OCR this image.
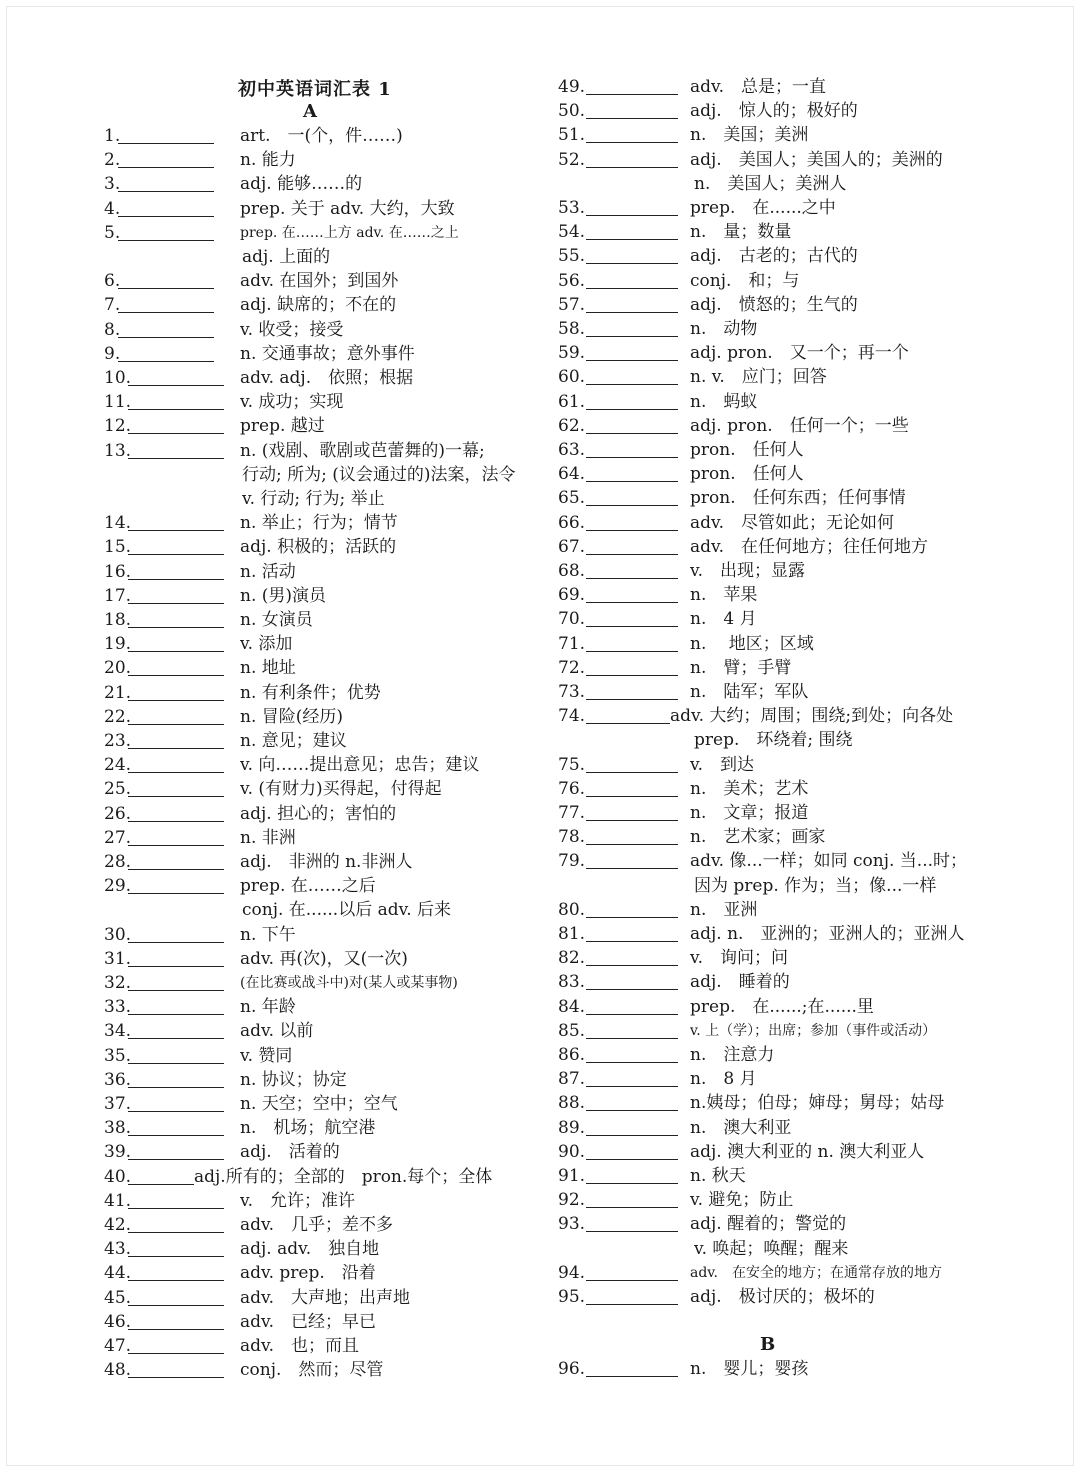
初中英语词汇表 1
A
B
1.	art.　一(个，件……)
2.	n. 能力
3.	adj. 能够……的
4.	prep. 关于 adv. 大约，大致
5.	prep. 在……上方 adv. 在……之上
adj. 上面的
6.	adv. 在国外；到国外
7.	adj. 缺席的；不在的
8.	v. 收受；接受
9.	n. 交通事故；意外事件
10.	adv. adj.　依照；根据
11.	v. 成功；实现
12.	prep. 越过
13.	n. (戏剧、歌剧或芭蕾舞的)一幕;
行动; 所为; (议会通过的)法案，法令
v. 行动; 行为; 举止
14.	n. 举止；行为；情节
15.	adj. 积极的；活跃的
16.	n. 活动
17.	n. (男)演员
18.	n. 女演员
19.	v. 添加
20.	n. 地址
21.	n. 有利条件；优势
22.	n. 冒险(经历)
23.	n. 意见；建议
24.	v. 向……提出意见；忠告；建议
25.	v. (有财力)买得起，付得起
26.	adj. 担心的；害怕的
27.	n. 非洲
28.	adj.　非洲的 n.非洲人
29.	prep. 在……之后
conj. 在......以后 adv. 后来
30.	n. 下午
31.	adv. 再(次)，又(一次)
32.	(在比赛或战斗中)对(某人或某事物)
33.	n. 年龄
34.	adv. 以前
35.	v. 赞同
36.	n. 协议；协定
37.	n. 天空；空中；空气
38.	n.　机场；航空港
39.	adj.　活着的
40.	adj.所有的；全部的　pron.每个；全体
41.	v.　允许；准许
42.	adv.　几乎；差不多
43.	adj. adv.　独自地
44.	adv. prep.　沿着
45.	adv.　大声地；出声地
46.	adv.　已经；早已
47.	adv.　也；而且
48.	conj.　然而；尽管
49.	adv.　总是；一直
50.	adj.　惊人的；极好的
51.	n.　美国；美洲
52.	adj.　美国人；美国人的；美洲的
n.　美国人；美洲人
53.	prep.　在......之中
54.	n.　量；数量
55.	adj.　古老的；古代的
56.	conj.　和；与
57.	adj.　愤怒的；生气的
58.	n.　动物
59.	adj. pron.　又一个；再一个
60.	n. v.　应门；回答
61.	n.　蚂蚁
62.	adj. pron.　任何一个；一些
63.	pron.　任何人
64.	pron.　任何人
65.	pron.　任何东西；任何事情
66.	adv.　尽管如此；无论如何
67.	adv.　在任何地方；往任何地方
68.	v.　出现；显露
69.	n.　苹果
70.	n.　4 月
71.	n.　 地区；区域
72.	n.　臂；手臂
73.	n.　陆军；军队
74.	adv. 大约；周围；围绕;到处；向各处
prep.　环绕着; 围绕
75.	v.　到达
76.	n.　美术；艺术
77.	n.　文章；报道
78.	n.　艺术家；画家
79.	adv. 像...一样；如同 conj. 当...时；
因为 prep. 作为；当；像...一样
80.	n.　亚洲
81.	adj. n.　亚洲的；亚洲人的；亚洲人
82.	v.　询问；问
83.	adj.　睡着的
84.	prep.　在......;在......里
85.	v. 上（学）；出席；参加（事件或活动）
86.	n.　注意力
87.	n.　8 月
88.	n.姨母；伯母；婶母；舅母；姑母
89.	n.　澳大利亚
90.	adj. 澳大利亚的 n. 澳大利亚人
91.	n. 秋天
92.	v. 避免；防止
93.	adj. 醒着的；警觉的
v. 唤起；唤醒；醒来
94.	adv.　在安全的地方；在通常存放的地方
95.	adj.　极讨厌的；极坏的
96.	n.　婴儿；婴孩
